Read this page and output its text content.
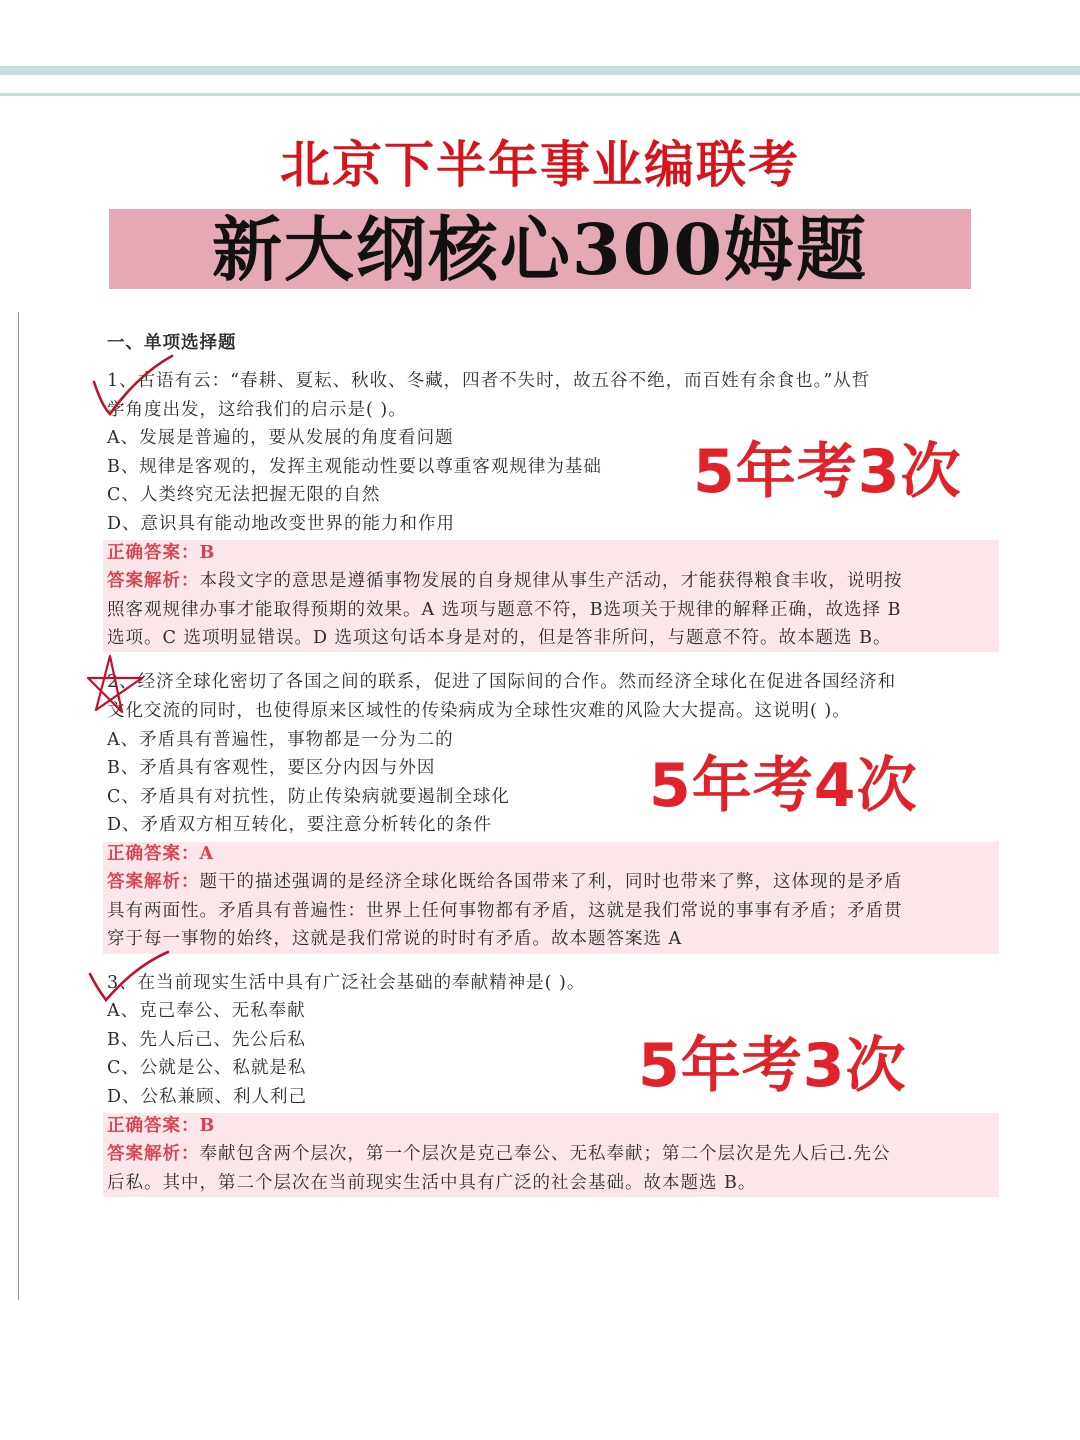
北京下半年事业编联考
新大纲核心300姆题
一、单项选择题
1、古语有云：“春耕、夏耘、秋收、冬藏，四者不失时，故五谷不绝，而百姓有余食也。”从哲
学角度出发，这给我们的启示是( )。
A、发展是普遍的，要从发展的角度看问题
B、规律是客观的，发挥主观能动性要以尊重客观规律为基础
C、人类终究无法把握无限的自然
D、意识具有能动地改变世界的能力和作用
正确答案：B
答案解析：本段文字的意思是遵循事物发展的自身规律从事生产活动，才能获得粮食丰收，说明按
照客观规律办事才能取得预期的效果。A 选项与题意不符，B选项关于规律的解释正确，故选择 B
选项。C 选项明显错误。D 选项这句话本身是对的，但是答非所问，与题意不符。故本题选 B。
5年考3次
2、经济全球化密切了各国之间的联系，促进了国际间的合作。然而经济全球化在促进各国经济和
文化交流的同时，也使得原来区域性的传染病成为全球性灾难的风险大大提高。这说明( )。
A、矛盾具有普遍性，事物都是一分为二的
B、矛盾具有客观性，要区分内因与外因
C、矛盾具有对抗性，防止传染病就要遏制全球化
D、矛盾双方相互转化，要注意分析转化的条件
正确答案：A
答案解析：题干的描述强调的是经济全球化既给各国带来了利，同时也带来了弊，这体现的是矛盾
具有两面性。矛盾具有普遍性：世界上任何事物都有矛盾，这就是我们常说的事事有矛盾；矛盾贯
穿于每一事物的始终，这就是我们常说的时时有矛盾。故本题答案选 A
5年考4次
3、在当前现实生活中具有广泛社会基础的奉献精神是( )。
A、克己奉公、无私奉献
B、先人后己、先公后私
C、公就是公、私就是私
D、公私兼顾、利人利己
正确答案：B
答案解析：奉献包含两个层次，第一个层次是克己奉公、无私奉献；第二个层次是先人后己.先公
后私。其中，第二个层次在当前现实生活中具有广泛的社会基础。故本题选 B。
5年考3次
